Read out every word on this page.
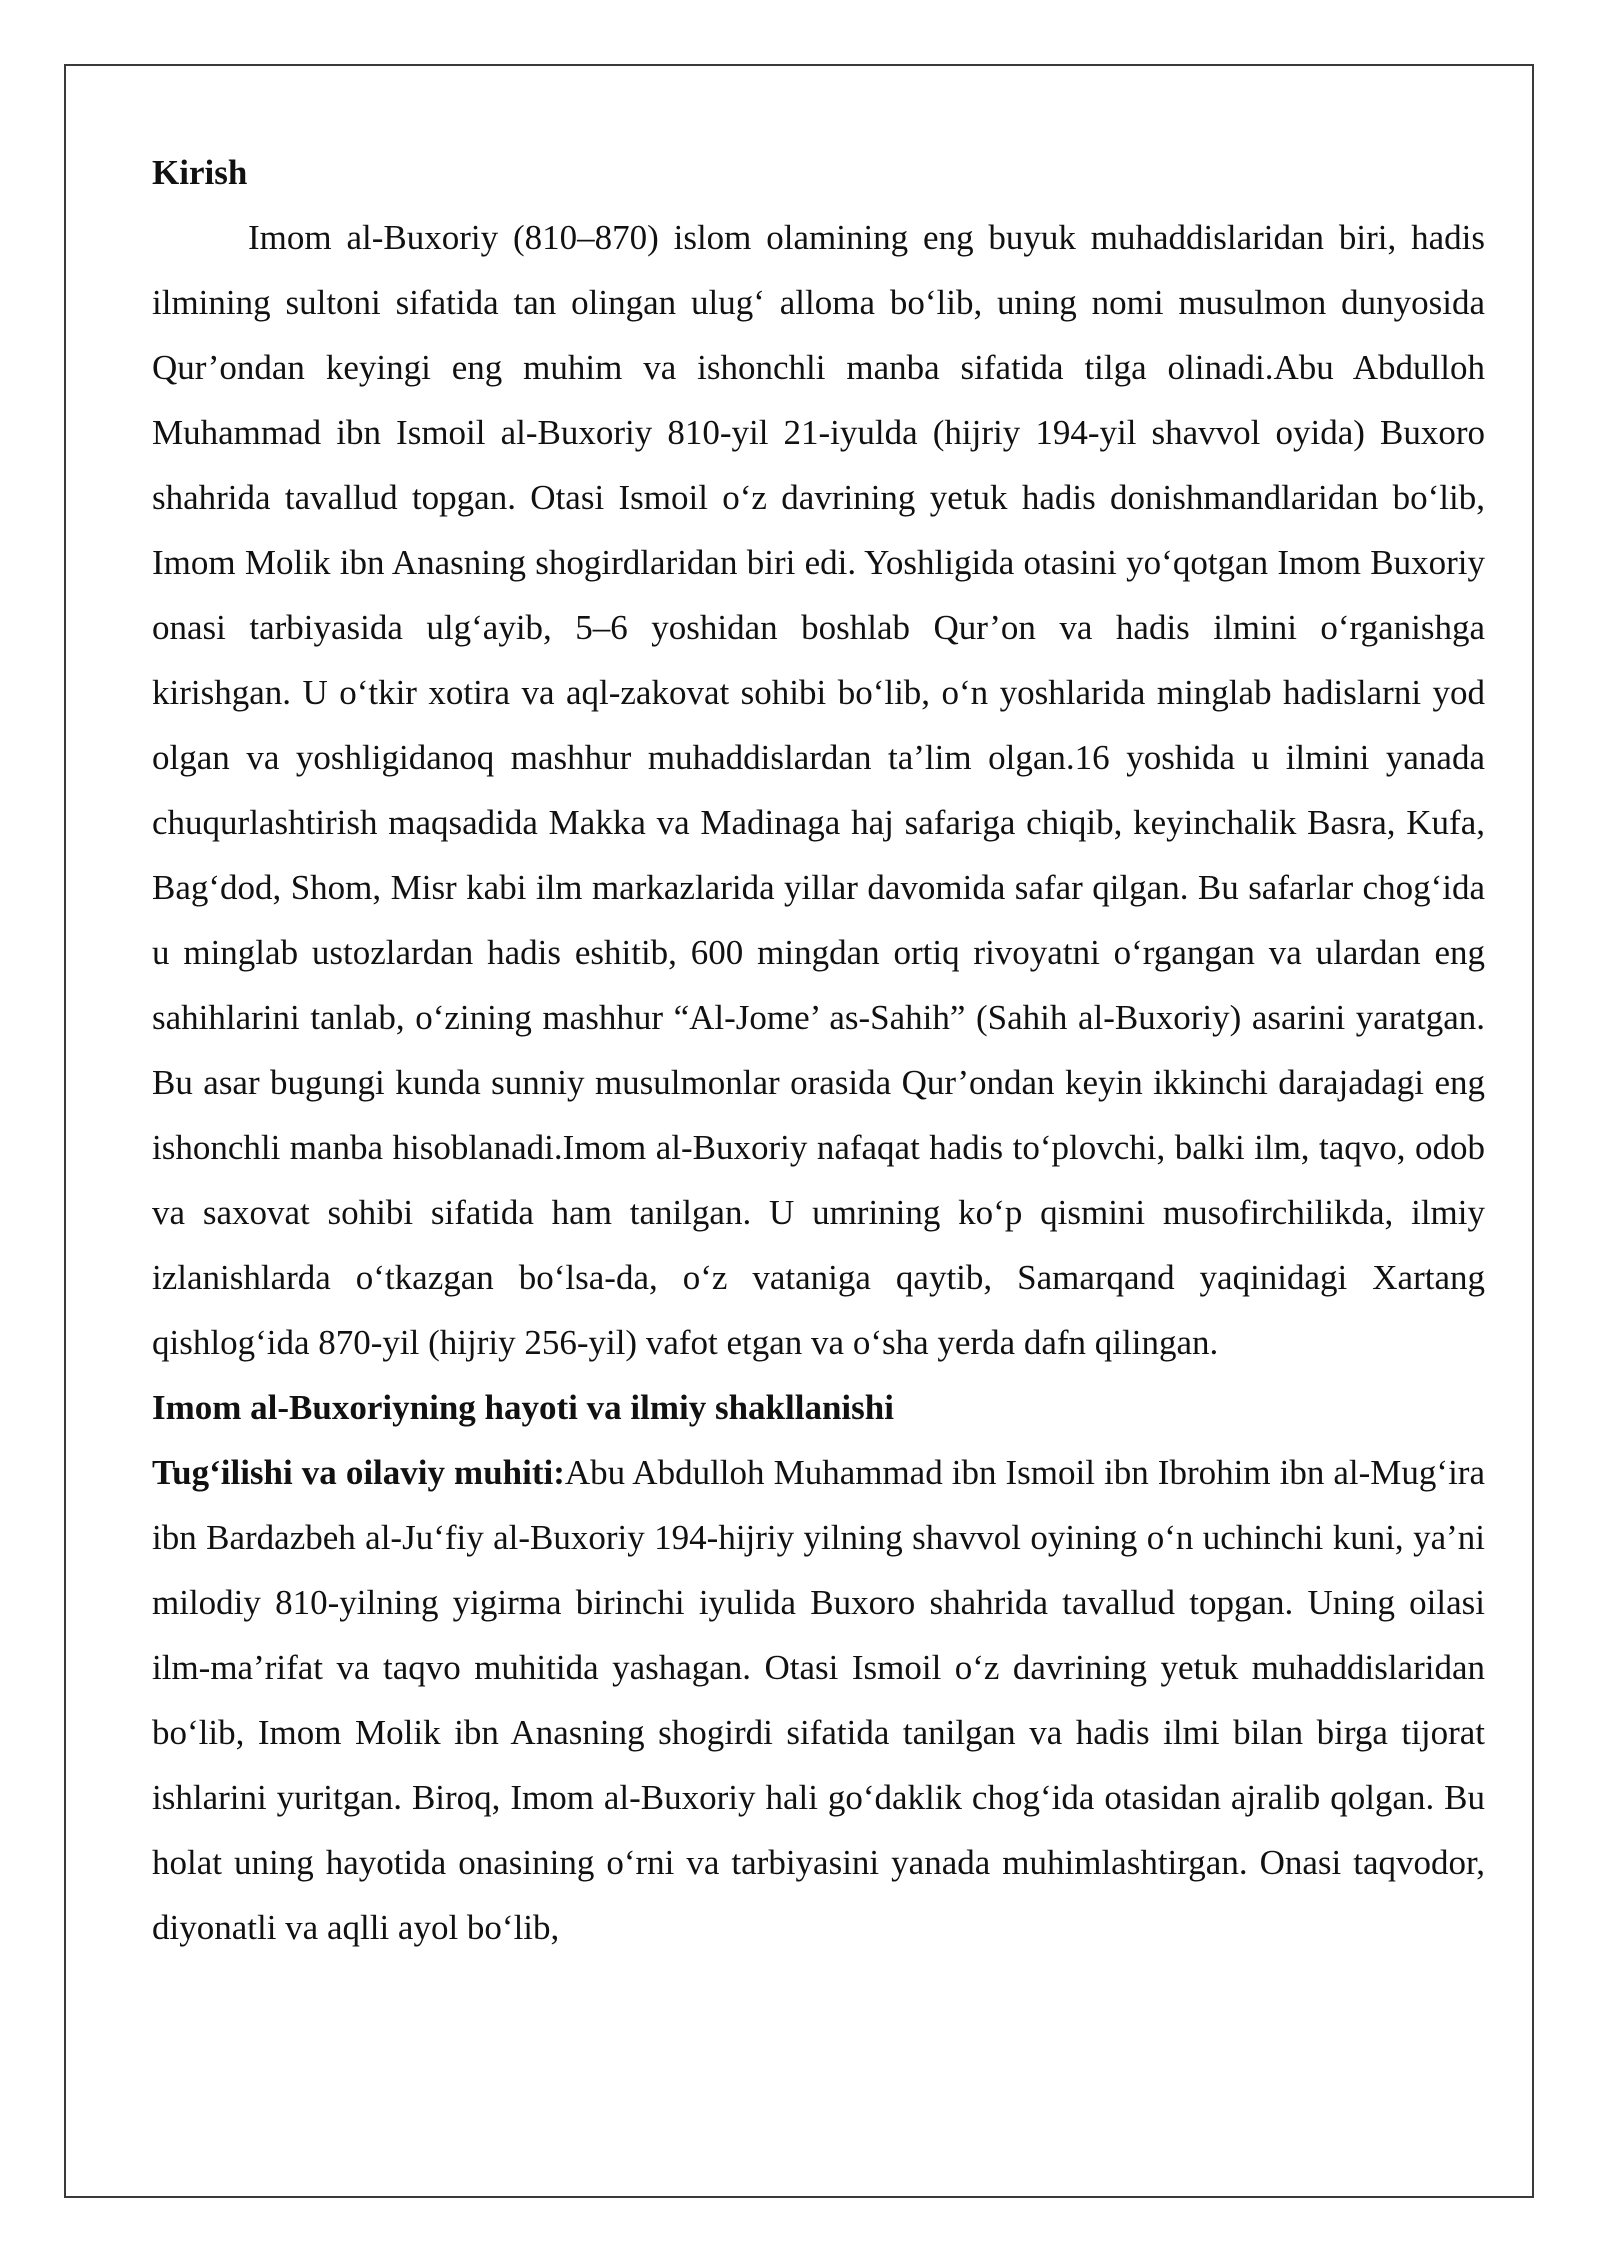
Kirish

Imom al-Buxoriy (810–870) islom olamining eng buyuk muhaddislaridan biri, hadis ilmining sultoni sifatida tan olingan ulug‘ alloma bo‘lib, uning nomi musulmon dunyosida Qur’ondan keyingi eng muhim va ishonchli manba sifatida tilga olinadi.Abu Abdulloh Muhammad ibn Ismoil al-Buxoriy 810-yil 21-iyulda (hijriy 194-yil shavvol oyida) Buxoro shahrida tavallud topgan. Otasi Ismoil o‘z davrining yetuk hadis donishmandlaridan bo‘lib, Imom Molik ibn Anasning shogirdlaridan biri edi. Yoshligida otasini yo‘qotgan Imom Buxoriy onasi tarbiyasida ulg‘ayib, 5–6 yoshidan boshlab Qur’on va hadis ilmini o‘rganishga kirishgan. U o‘tkir xotira va aql-zakovat sohibi bo‘lib, o‘n yoshlarida minglab hadislarni yod olgan va yoshligidanoq mashhur muhaddislardan ta’lim olgan.16 yoshida u ilmini yanada chuqurlashtirish maqsadida Makka va Madinaga haj safariga chiqib, keyinchalik Basra, Kufa, Bag‘dod, Shom, Misr kabi ilm markazlarida yillar davomida safar qilgan. Bu safarlar chog‘ida u minglab ustozlardan hadis eshitib, 600 mingdan ortiq rivoyatni o‘rgangan va ulardan eng sahihlarini tanlab, o‘zining mashhur “Al-Jome’ as-Sahih” (Sahih al-Buxoriy) asarini yaratgan. Bu asar bugungi kunda sunniy musulmonlar orasida Qur’ondan keyin ikkinchi darajadagi eng ishonchli manba hisoblanadi.Imom al-Buxoriy nafaqat hadis to‘plovchi, balki ilm, taqvo, odob va saxovat sohibi sifatida ham tanilgan. U umrining ko‘p qismini musofirchilikda, ilmiy izlanishlarda o‘tkazgan bo‘lsa-da, o‘z vataniga qaytib, Samarqand yaqinidagi Xartang qishlog‘ida 870-yil (hijriy 256-yil) vafot etgan va o‘sha yerda dafn qilingan.

Imom al-Buxoriyning hayoti va ilmiy shakllanishi

Tug‘ilishi va oilaviy muhiti:Abu Abdulloh Muhammad ibn Ismoil ibn Ibrohim ibn al-Mug‘ira ibn Bardazbeh al-Ju‘fiy al-Buxoriy 194-hijriy yilning shavvol oyining o‘n uchinchi kuni, ya’ni milodiy 810-yilning yigirma birinchi iyulida Buxoro shahrida tavallud topgan. Uning oilasi ilm-ma’rifat va taqvo muhitida yashagan. Otasi Ismoil o‘z davrining yetuk muhaddislaridan bo‘lib, Imom Molik ibn Anasning shogirdi sifatida tanilgan va hadis ilmi bilan birga tijorat ishlarini yuritgan. Biroq, Imom al-Buxoriy hali go‘daklik chog‘ida otasidan ajralib qolgan. Bu holat uning hayotida onasining o‘rni va tarbiyasini yanada muhimlashtirgan. Onasi taqvodor, diyonatli va aqlli ayol bo‘lib,
